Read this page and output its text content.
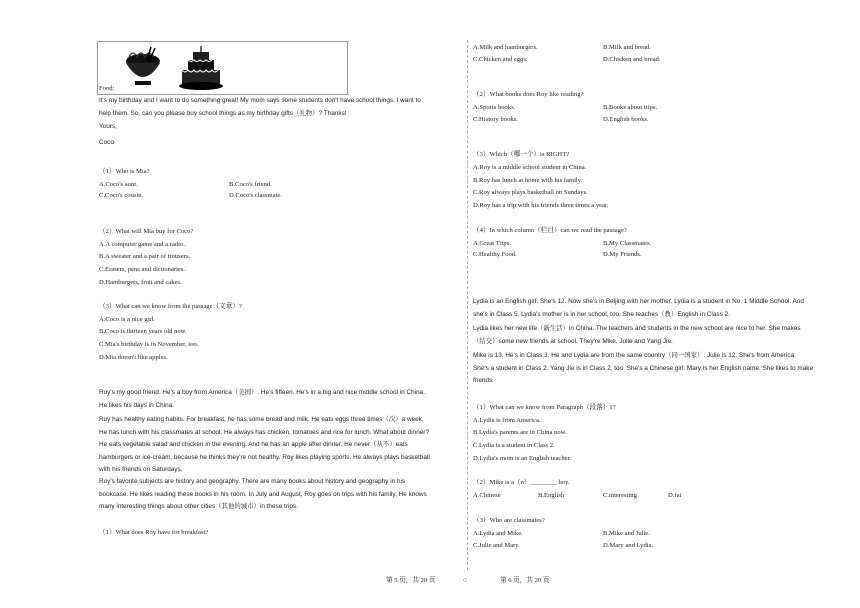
Food:
It's my birthday and I want to do something great! My mom says some students don't have school things. I want to
help them. So, can you please buy school things as my birthday gifts（礼物）? Thanks!
Yours,
Coco
（1）Who is Mia?
A.Coco's aunt.	B.Coco's friend.
C.Coco's cousin.	D.Coco's classmate.
（2）What will Mia buy for Coco?
A.A computer game and a radio.
B.A sweater and a pair of trousers.
C.Erasers, pens and dictionaries.
D.Hamburgers, fruit and cakes.
（3）What can we know from the passage（文章）?
A.Coco is a nice girl.
B.Coco is thirteen years old now.
C.Mia's birthday is in November, too.
D.Mia doesn't like apples.
Roy's my good friend. He's a boy from America（美国）. He's fifteen. He's in a big and nice middle school in China.
He likes his days in China.
Roy has healthy eating habits. For breakfast, he has some bread and milk. He eats eggs three times（次）a week.
He has lunch with his classmates at school. He always has chicken, tomatoes and rice for lunch. What about dinner?
He eats vegetable salad and chicken in the evening. And he has an apple after dinner. He never（从不）eats
hamburgers or ice-cream, because he thinks they're not healthy. Roy likes playing sports. He always plays basketball
with his friends on Saturdays.
Roy's favorite subjects are history and geography. There are many books about history and geography in his
bookcase. He likes reading these books in his room. In July and August, Roy goes on trips with his family. He knows
many interesting things about other cities（其他的城市）in these trips.
（1）What does Roy have for breakfast?
A.Milk and hamburgers.	B.Milk and bread.
C.Chicken and eggs.	D.Chicken and bread.
（2）What books does Roy like reading?
A.Sports books.	B.Books about trips.
C.History books.	D.English books.
（3）Which（哪一个）is RIGHT?
A.Roy is a middle school student in China.
B.Roy has lunch at home with his family.
C.Roy always plays basketball on Sundays.
D.Roy has a trip with his friends three times a year.
（4）In which column（栏目）can we read the passage?
A.Great Trips.	B.My Classmates.
C.Healthy Food.	D.My Friends.
Lydia is an English girl. She's 12. Now she's in Beijing with her mother. Lydia is a student in No. 1 Middle School. And
she's in Class 5. Lydia's mother is in her school, too. She teaches（教）English in Class 2.
Lydia likes her new life（新生活）in China. The teachers and students in the new school are nice to her. She makes
（结交）some new friends at school. They're Mike, Julie and Yang Jie.
Mike is 13. He's in Class 3. He and Lydia are from the same country（同一国家）. Julie is 12. She's from America.
She's a student in Class 2. Yang Jie is in Class 2, too. She's a Chinese girl. Mary is her English name. She likes to make
friends.
（1）What can we know from Paragraph（段落）1?
A.Lydia is from America.
B.Lydia's parents are in China now.
C.Lydia is a student in Class 2.
D.Lydia's mom is an English teacher.
（2）Mike is a（n）________ boy.
A.Chinese	B.English	C.interesting	D.fat
（3）Who are classmates?
A.Lydia and Mike.	B.Mike and Julie.
C.Julie and Mary.	D.Mary and Lydia.
第 5 页，共 20 页	○	第 6 页，共 20 页
